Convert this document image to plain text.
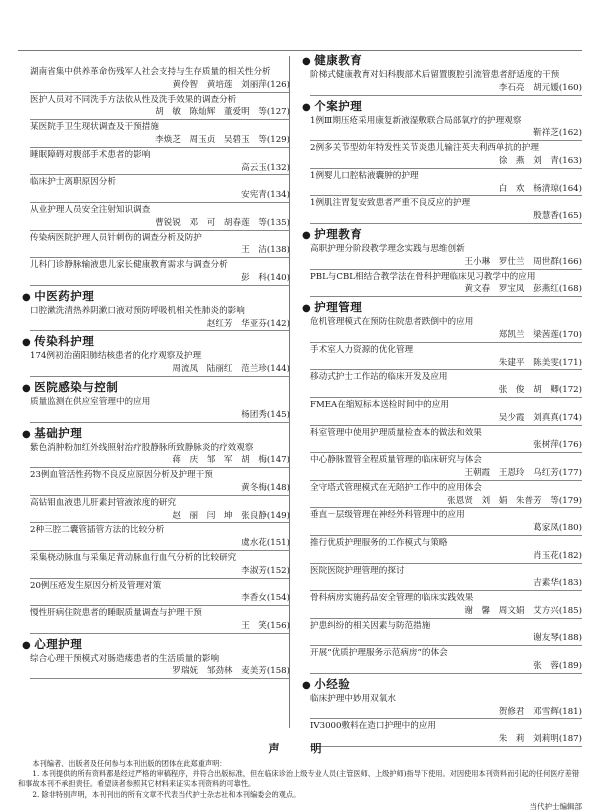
湖南省集中供养革命伤残军人社会支持与生存质量的相关性分析
黄伶智　黄培莲　刘丽萍(126)
医护人员对不同洗手方法依从性及洗手效果的调查分析
胡　敏　陈灿辉　董爱明　等(127)
某医院手卫生现状调查及干预措施
李焕芝　周玉贞　吴碧玉　等(129)
睡眠障碍对腹部手术患者的影响
高云玉(132)
临床护士离职原因分析
安宪青(134)
从业护理人员安全注射知识调查
曹锐锐　邓　可　胡春莲　等(135)
传染病医院护理人员针刺伤的调查分析及防护
王　洁(138)
儿科门诊静脉输液患儿家长健康教育需求与调查分析
彭　科(140)
● 中医药护理
口腔漱洗清热养阴漱口液对预防呼吸机相关性肺炎的影响
赵红芳　华亚芬(142)
● 传染科护理
174例初治菌阳肺结核患者的化疗观察及护理
周流凤　陆丽红　范兰珍(144)
● 医院感染与控制
质量监测在供应室管理中的应用
杨团秀(145)
● 基础护理
紫色消肿粉加红外线照射治疗股静脉所致静脉炎的疗效观察
蒋　庆　邹　军　胡　梅(147)
23例血管活性药物不良反应原因分析及护理干预
黄冬梅(148)
高钻钼血液患儿肝素封管液浓度的研究
赵　丽　闫　坤　张良静(149)
2种三腔二囊管插管方法的比较分析
虞水花(151)
采集桡动脉血与采集足背动脉血行血气分析的比较研究
李淑芳(152)
20例压疮发生原因分析及管理对策
李香女(154)
慢性肝病住院患者的睡眠质量调查与护理干预
王　笑(156)
● 心理护理
综合心理干预模式对肠造瘘患者的生活质量的影响
罗瑞妩　邹劲林　麦美芳(158)
● 健康教育
阶梯式健康教育对妇科腹部术后留置腹腔引流管患者舒适度的干预
李石亮　胡元媛(160)
● 个案护理
1例Ⅲ期压疮采用康复新液湿敷联合局部氧疗的护理观察
靳祥芝(162)
2例多关节型幼年特发性关节炎患儿输注英夫利西单抗的护理
徐　燕　刘　青(163)
1例婴儿口腔粘液囊肿的护理
白　欢　杨清琼(164)
1例肌注胃复安致患者严重不良反应的护理
殷慧香(165)
● 护理教育
高职护理分阶段教学理念实践与思维创新
王小琳　罗仕兰　周世群(166)
PBL与CBL相结合教学法在骨科护理临床见习教学中的应用
黄文春　罗宝凤　彭燕红(168)
● 护理管理
危机管理模式在预防住院患者跌倒中的应用
郑凯兰　梁茜莲(170)
手术室人力资源的优化管理
朱建平　陈美雯(171)
移动式护士工作站的临床开发及应用
张　俊　胡　卿(172)
FMEA在缩短标本送检时间中的应用
吴少霞　刘真真(174)
科室管理中使用护理质量检查本的做法和效果
张树萍(176)
中心静脉置管全程质量管理的临床研究与体会
王朝霞　王恩玲　乌红芳(177)
全守塔式管理模式在无陪护工作中的应用体会
张恩贤　刘　娟　朱普芳　等(179)
垂直－层级管理在神经外科管理中的应用
葛家凤(180)
推行优质护理服务的工作模式与策略
肖玉花(182)
医院医院护理管理的探讨
吉素华(183)
骨科病房实施药品安全管理的临床实践效果
谢　馨　周文娟　艾方兴(185)
护患纠纷的相关因素与防范措施
谢友琴(188)
开展“优质护理服务示范病房”的体会
张　蓉(189)
● 小经验
临床护理中妙用双氧水
贺修君　邓雪辉(181)
IV3000敷料在造口护理中的应用
朱　莉　刘莉明(187)
声　明

本刊编者、出版者及任何参与本刊出版的团体在此郑重声明：

1. 本刊提供的所有资料都是经过严格的审稿程序，并符合出版标准，但在临床诊治上级专业人员(主管医师、上级护师)指导下使用。对因使用本刊资料而引起的任何医疗差错和事故本刊不承担责任。希望读者参照其它材料来证实本刊资料的可靠性。

2. 除非特别声明，本刊刊出的所有文章不代表当代护士杂志社和本刊编委会的观点。

当代护士编辑部
